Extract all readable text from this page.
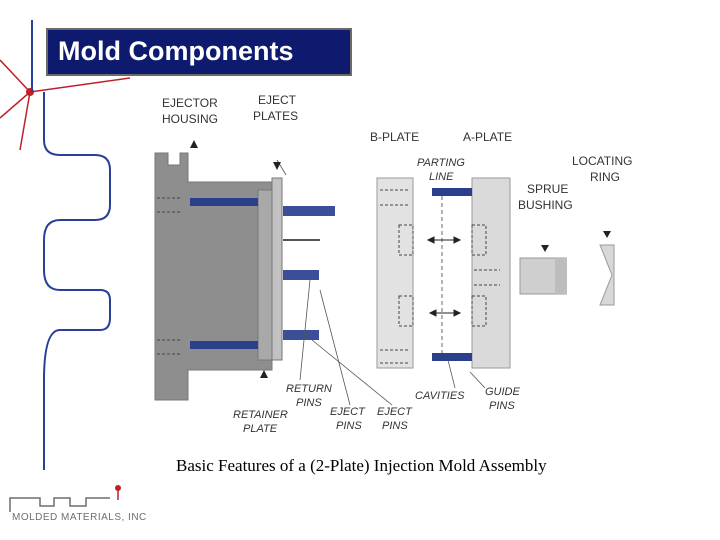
Mold Components
EJECTOR
HOUSING
EJECT
PLATES
B-PLATE	A-PLATE
PARTING
LINE
LOCATING
RING
SPRUE
BUSHING
RETURN
PINS
RETAINER
PLATE
EJECT
PINS
EJECT
PINS
CAVITIES GUIDE
PINS
Basic Features of a (2-Plate) Injection Mold Assembly
MOLDED MATERIALS, INC
